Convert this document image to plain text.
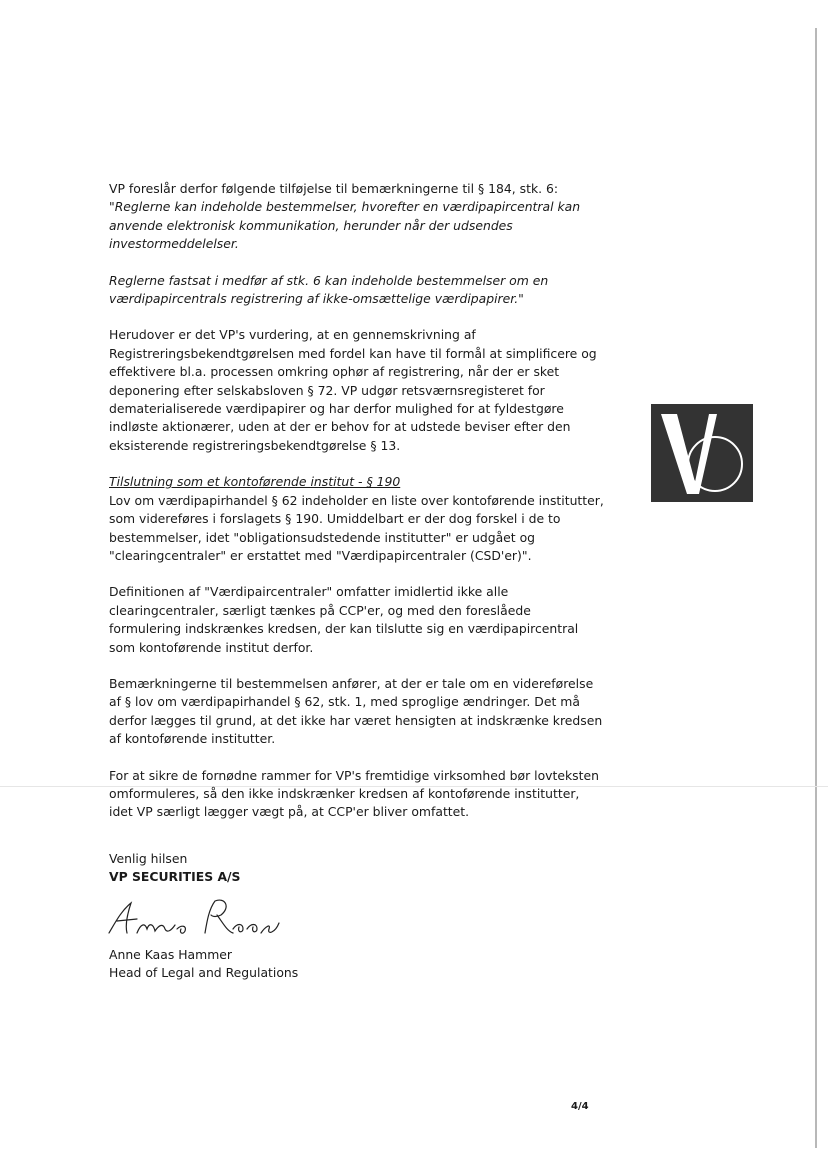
VP foreslår derfor følgende tilføjelse til bemærkningerne til § 184, stk. 6:

"Reglerne kan indeholde bestemmelser, hvorefter en værdipapircentral kan anvende elektronisk kommunikation, herunder når der udsendes investormeddelelser.

Reglerne fastsat i medfør af stk. 6 kan indeholde bestemmelser om en værdipapircentrals registrering af ikke-omsættelige værdipapirer."

Herudover er det VP's vurdering, at en gennemskrivning af Registreringsbekendtgørelsen med fordel kan have til formål at simplificere og effektivere bl.a. processen omkring ophør af registrering, når der er sket deponering efter selskabsloven § 72. VP udgør retsværnsregisteret for dematerialiserede værdipapirer og har derfor mulighed for at fyldestgøre indløste aktionærer, uden at der er behov for at udstede beviser efter den eksisterende registreringsbekendtgørelse § 13.

Tilslutning som et kontoførende institut - § 190

Lov om værdipapirhandel § 62 indeholder en liste over kontoførende institutter, som videreføres i forslagets § 190. Umiddelbart er der dog forskel i de to bestemmelser, idet "obligationsudstedende institutter" er udgået og "clearingcentraler" er erstattet med "Værdipapircentraler (CSD'er)".

Definitionen af "Værdipaircentraler" omfatter imidlertid ikke alle clearingcentraler, særligt tænkes på CCP'er, og med den foreslåede formulering indskrænkes kredsen, der kan tilslutte sig en værdipapircentral som kontoførende institut derfor.

Bemærkningerne til bestemmelsen anfører, at der er tale om en videreførelse af § lov om værdipapirhandel § 62, stk. 1, med sproglige ændringer. Det må derfor lægges til grund, at det ikke har været hensigten at indskrænke kredsen af kontoførende institutter.

For at sikre de fornødne rammer for VP's fremtidige virksomhed bør lovteksten omformuleres, så den ikke indskrænker kredsen af kontoførende institutter, idet VP særligt lægger vægt på, at CCP'er bliver omfattet.

Venlig hilsen

VP SECURITIES A/S

Anne Kaas Hammer

Head of Legal and Regulations

4/4
